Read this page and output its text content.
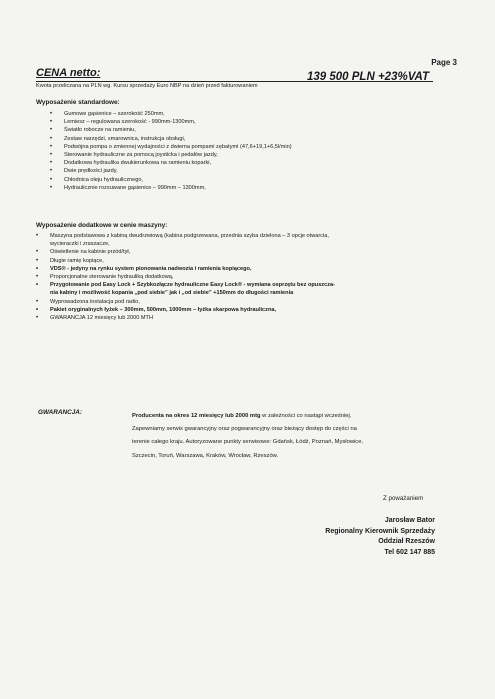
Page 3
CENA netto:	139 500 PLN +23%VAT
Kwota przeliczana na PLN wg. Kursu sprzedaży Euro NBP na dzień przed fakturowaniem
Wyposażenie standardowe:
• Gumowe gąsienice – szerokość 250mm,
• Lemiesz – regulowana szerokość - 990mm-1300mm,
• Światło robocze na ramieniu,
• Zestaw narzędzi, smarownica, instrukcja obsługi,
• Podwójna pompa o zmiennej wydajności z dwiema pompami zębatymi (47,6+19,1+6,5l/min)
• Sterowanie hydrauliczne za pomocą joysticka i pedałów jazdy,
• Dodatkowa hydraulika dwukierunkowa na ramieniu koparki,
• Dwie prędkości jazdy,
• Chłodnica oleju hydraulicznego,
• Hydraulicznie rozsuwane gąsienice – 990mm – 1300mm,
Wyposażenie dodatkowe w cenie maszyny:
• Maszyna podstawowa z kabiną dwudrzwiową (kabina podgrzewana, przednia szyba dzielona – 3 opcje otwarcia,
wycieraczki i zraszacze,
• Oświetlenie na kabinie przód/tył,
• Długie ramię kopiące,
• VDS® - jedyny na rynku system pionowania nadwozia i ramienia kopiącego,
• Proporcjonalne sterowanie hydrauliką dodatkową,
• Przygotowanie pod Easy Lock + Szybkozłącze hydrauliczne Easy Lock® - wymiana osprzętu bez opuszcza-
nia kabiny i możliwość kopania „pod siebie” jak i „od siebie” +150mm do długości ramienia
• Wyprowadzona instalacja pod radio,
• Pakiet oryginalnych łyżek – 300mm, 500mm, 1000mm – łyżka skarpowa hydrauliczna,
• GWARANCJA 12 miesięcy lub 2000 MTH
GWARANCJA:	Producenta na okres 12 miesięcy lub 2000 mtg w zależności co nastąpi wcześniej.
Zapewniamy serwis gwarancyjny oraz pogwarancyjny oraz bieżący dostęp do części na
terenie całego kraju. Autoryzowane punkty serwisowe: Gdańsk, Łódź, Poznań, Mysłowice,
Szczecin, Toruń, Warszawa, Kraków, Wrocław, Rzeszów.
Z poważaniem
Jarosław Bator
Regionalny Kierownik Sprzedaży
Oddział Rzeszów
Tel 602 147 885
